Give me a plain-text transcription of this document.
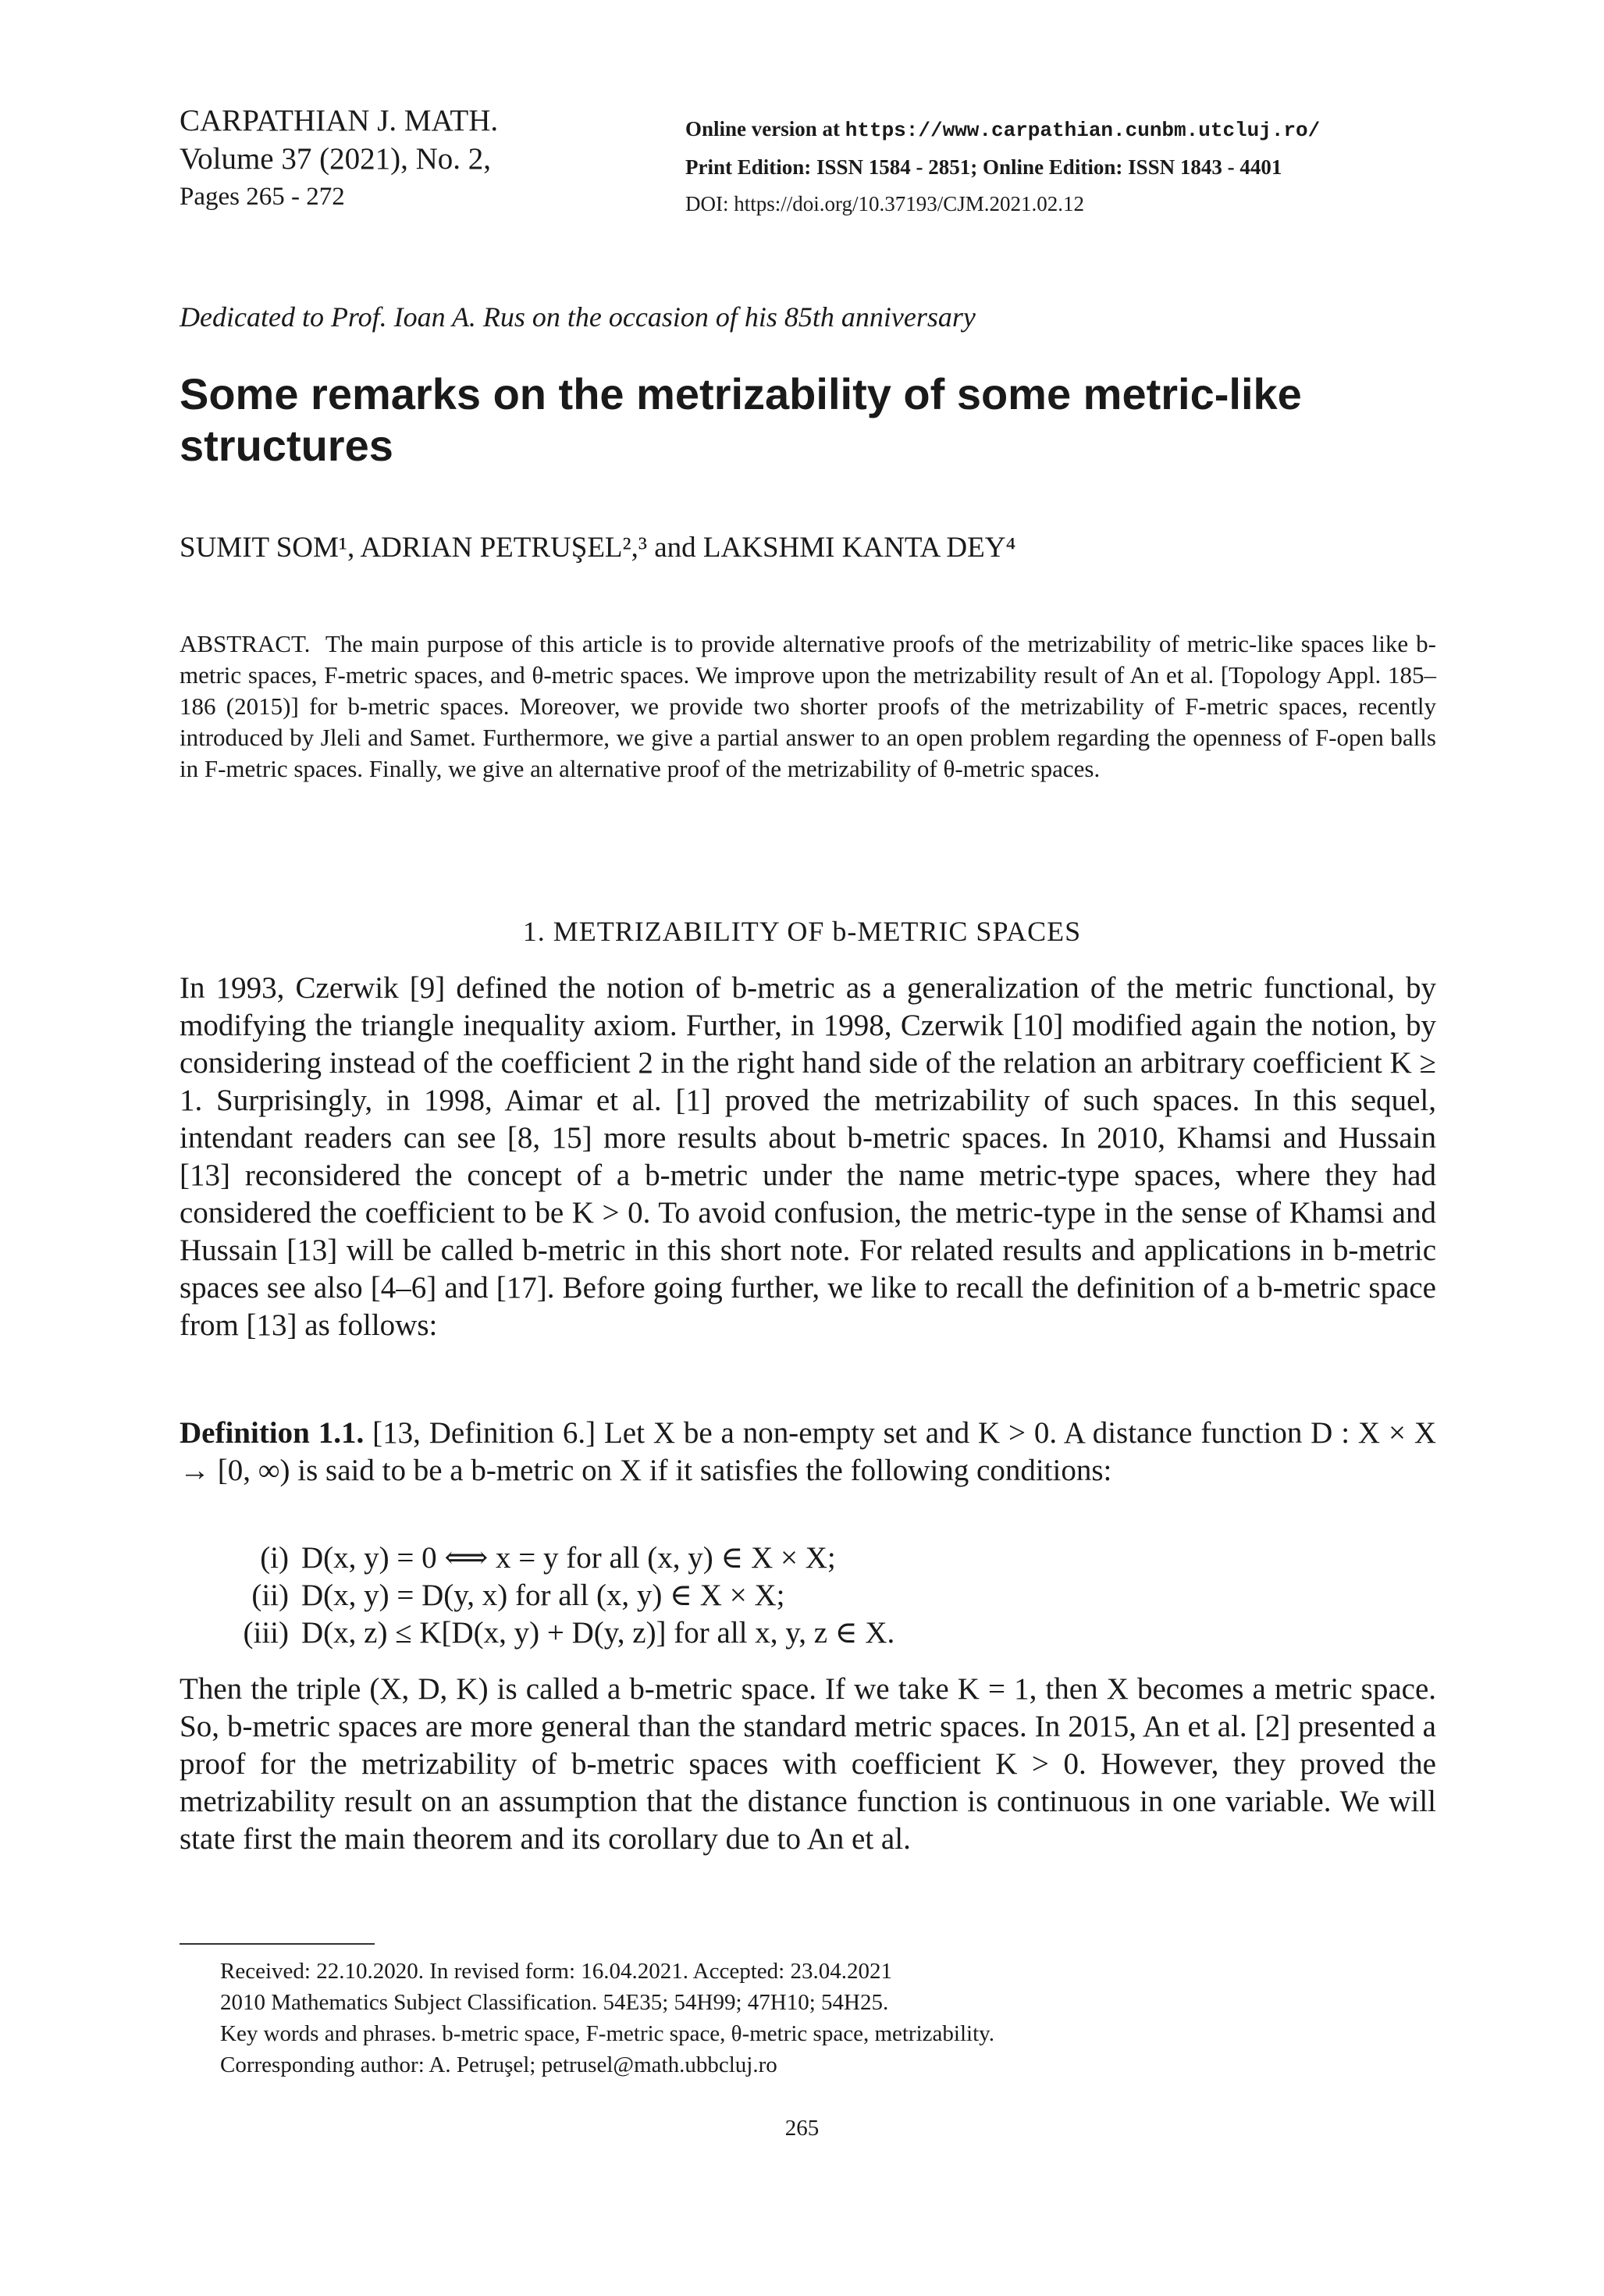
CARPATHIAN J. MATH.
Volume 37 (2021), No. 2,
Pages 265 - 272
Online version at https://www.carpathian.cunbm.utcluj.ro/
Print Edition: ISSN 1584 - 2851; Online Edition: ISSN 1843 - 4401
DOI: https://doi.org/10.37193/CJM.2021.02.12
Dedicated to Prof. Ioan A. Rus on the occasion of his 85th anniversary
Some remarks on the metrizability of some metric-like structures
SUMIT SOM¹, ADRIAN PETRUŞEL²,³ and LAKSHMI KANTA DEY⁴
ABSTRACT. The main purpose of this article is to provide alternative proofs of the metrizability of metric-like spaces like b-metric spaces, F-metric spaces, and θ-metric spaces. We improve upon the metrizability result of An et al. [Topology Appl. 185–186 (2015)] for b-metric spaces. Moreover, we provide two shorter proofs of the metrizability of F-metric spaces, recently introduced by Jleli and Samet. Furthermore, we give a partial answer to an open problem regarding the openness of F-open balls in F-metric spaces. Finally, we give an alternative proof of the metrizability of θ-metric spaces.
1. METRIZABILITY OF b-METRIC SPACES
In 1993, Czerwik [9] defined the notion of b-metric as a generalization of the metric functional, by modifying the triangle inequality axiom. Further, in 1998, Czerwik [10] modified again the notion, by considering instead of the coefficient 2 in the right hand side of the relation an arbitrary coefficient K ≥ 1. Surprisingly, in 1998, Aimar et al. [1] proved the metrizability of such spaces. In this sequel, intendant readers can see [8, 15] more results about b-metric spaces. In 2010, Khamsi and Hussain [13] reconsidered the concept of a b-metric under the name metric-type spaces, where they had considered the coefficient to be K > 0. To avoid confusion, the metric-type in the sense of Khamsi and Hussain [13] will be called b-metric in this short note. For related results and applications in b-metric spaces see also [4–6] and [17]. Before going further, we like to recall the definition of a b-metric space from [13] as follows:
Definition 1.1. [13, Definition 6.] Let X be a non-empty set and K > 0. A distance function D : X × X → [0, ∞) is said to be a b-metric on X if it satisfies the following conditions:
(i) D(x, y) = 0 ⟺ x = y for all (x, y) ∈ X × X;
(ii) D(x, y) = D(y, x) for all (x, y) ∈ X × X;
(iii) D(x, z) ≤ K[D(x, y) + D(y, z)] for all x, y, z ∈ X.
Then the triple (X, D, K) is called a b-metric space. If we take K = 1, then X becomes a metric space. So, b-metric spaces are more general than the standard metric spaces. In 2015, An et al. [2] presented a proof for the metrizability of b-metric spaces with coefficient K > 0. However, they proved the metrizability result on an assumption that the distance function is continuous in one variable. We will state first the main theorem and its corollary due to An et al.
Received: 22.10.2020. In revised form: 16.04.2021. Accepted: 23.04.2021
2010 Mathematics Subject Classification. 54E35; 54H99; 47H10; 54H25.
Key words and phrases. b-metric space, F-metric space, θ-metric space, metrizability.
Corresponding author: A. Petruşel; petrusel@math.ubbcluj.ro
265
